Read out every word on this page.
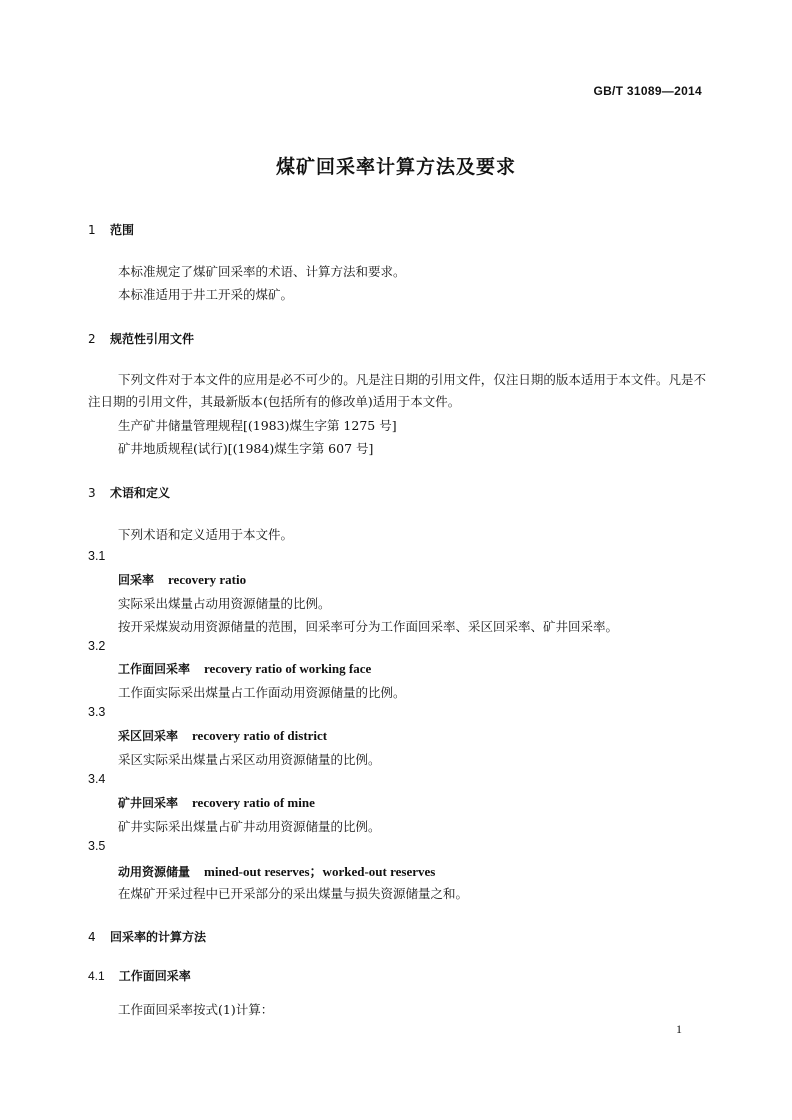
GB/T 31089—2014
煤矿回采率计算方法及要求
1 范围
本标准规定了煤矿回采率的术语、计算方法和要求。
本标准适用于井工开采的煤矿。
2 规范性引用文件
下列文件对于本文件的应用是必不可少的。凡是注日期的引用文件，仅注日期的版本适用于本文件。凡是不注日期的引用文件，其最新版本(包括所有的修改单)适用于本文件。
生产矿井储量管理规程[(1983)煤生字第 1275 号]
矿井地质规程(试行)[(1984)煤生字第 607 号]
3 术语和定义
下列术语和定义适用于本文件。
3.1
回采率 recovery ratio
实际采出煤量占动用资源储量的比例。
按开采煤炭动用资源储量的范围，回采率可分为工作面回采率、采区回采率、矿井回采率。
3.2
工作面回采率 recovery ratio of working face
工作面实际采出煤量占工作面动用资源储量的比例。
3.3
采区回采率 recovery ratio of district
采区实际采出煤量占采区动用资源储量的比例。
3.4
矿井回采率 recovery ratio of mine
矿井实际采出煤量占矿井动用资源储量的比例。
3.5
动用资源储量 mined-out reserves；worked-out reserves
在煤矿开采过程中已开采部分的采出煤量与损失资源储量之和。
4 回采率的计算方法
4.1 工作面回采率
工作面回采率按式(1)计算：
1
